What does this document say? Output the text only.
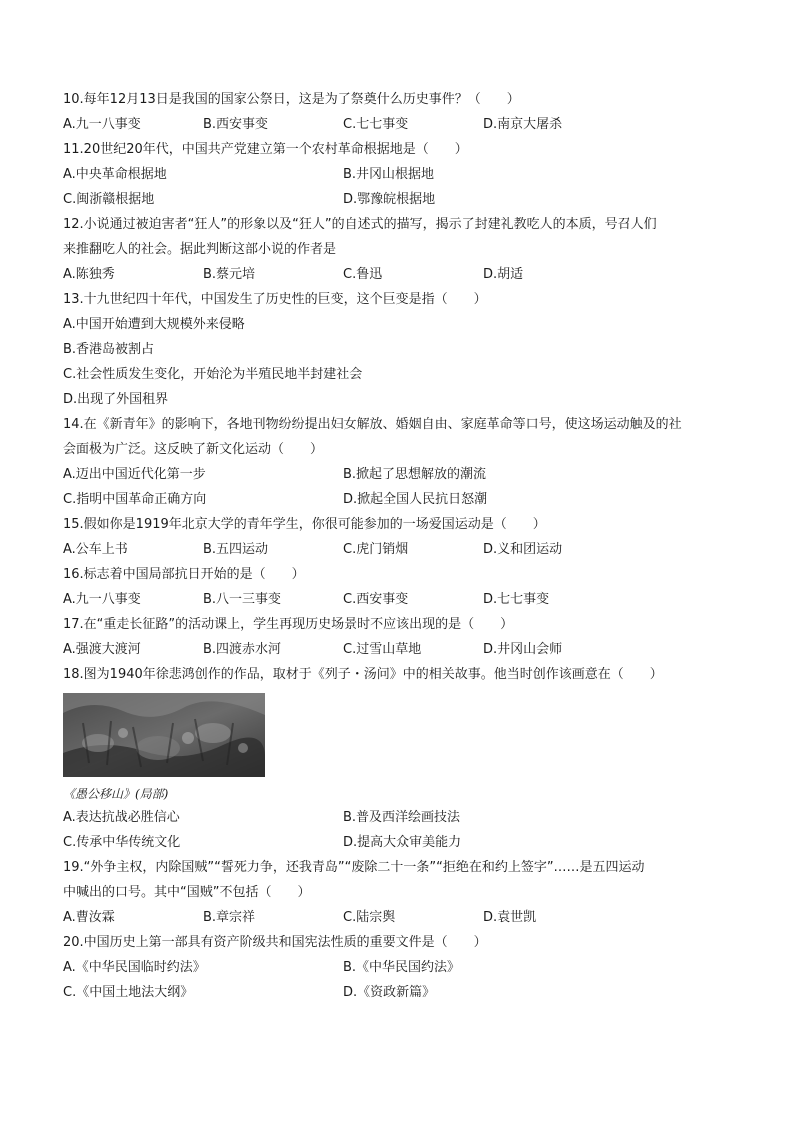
10.每年12月13日是我国的国家公祭日，这是为了祭奠什么历史事件？（　　）
A.九一八事变	B.西安事变	C.七七事变	D.南京大屠杀
11.20世纪20年代，中国共产党建立第一个农村革命根据地是（　　）
A.中央革命根据地	B.井冈山根据地
C.闽浙赣根据地	D.鄂豫皖根据地
12.小说通过被迫害者“狂人”的形象以及“狂人”的自述式的描写，揭示了封建礼教吃人的本质，号召人们
来推翻吃人的社会。据此判断这部小说的作者是
A.陈独秀	B.蔡元培	C.鲁迅	D.胡适
13.十九世纪四十年代，中国发生了历史性的巨变，这个巨变是指（　　）
A.中国开始遭到大规模外来侵略
B.香港岛被割占
C.社会性质发生变化，开始沦为半殖民地半封建社会
D.出现了外国租界
14.在《新青年》的影响下，各地刊物纷纷提出妇女解放、婚姻自由、家庭革命等口号，使这场运动触及的社
会面极为广泛。这反映了新文化运动（　　）
A.迈出中国近代化第一步	B.掀起了思想解放的潮流
C.指明中国革命正确方向	D.掀起全国人民抗日怒潮
15.假如你是1919年北京大学的青年学生，你很可能参加的一场爱国运动是（　　）
A.公车上书	B.五四运动	C.虎门销烟	D.义和团运动
16.标志着中国局部抗日开始的是（　　）
A.九一八事变	B.八一三事变	C.西安事变	D.七七事变
17.在“重走长征路”的活动课上，学生再现历史场景时不应该出现的是（　　）
A.强渡大渡河	B.四渡赤水河	C.过雪山草地	D.井冈山会师
18.图为1940年徐悲鸿创作的作品，取材于《列子・汤问》中的相关故事。他当时创作该画意在（　　）
《愚公移山》(局部)
A.表达抗战必胜信心	B.普及西洋绘画技法
C.传承中华传统文化	D.提高大众审美能力
19.“外争主权，内除国贼”“誓死力争，还我青岛”“废除二十一条”“拒绝在和约上签字”……是五四运动
中喊出的口号。其中“国贼”不包括（　　）
A.曹汝霖	B.章宗祥	C.陆宗舆	D.袁世凯
20.中国历史上第一部具有资产阶级共和国宪法性质的重要文件是（　　）
A.《中华民国临时约法》	B.《中华民国约法》
C.《中国土地法大纲》	D.《资政新篇》
